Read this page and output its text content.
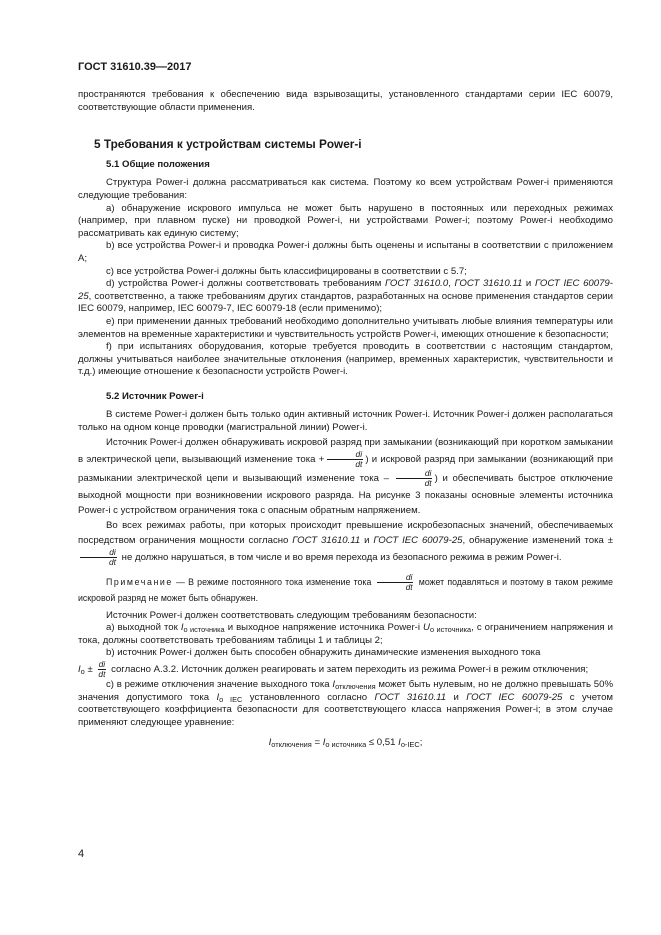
ГОСТ 31610.39—2017

пространяются требования к обеспечению вида взрывозащиты, установленного стандартами серии IEC 60079, соответствующие области применения.

5 Требования к устройствам системы Power-i

5.1 Общие положения

Структура Power-i должна рассматриваться как система. Поэтому ко всем устройствам Power-i применяются следующие требования:

а) обнаружение искрового импульса не может быть нарушено в постоянных или переходных режимах (например, при плавном пуске) ни проводкой Power-i, ни устройствами Power-i; поэтому Power-i необходимо рассматривать как единую систему;

b) все устройства Power-i и проводка Power-i должны быть оценены и испытаны в соответствии с приложением А;

c) все устройства Power-i должны быть классифицированы в соответствии с 5.7;

d) устройства Power-i должны соответствовать требованиям ГОСТ 31610.0, ГОСТ 31610.11 и ГОСТ IEC 60079-25, соответственно, а также требованиям других стандартов, разработанных на основе применения стандартов серии IEC 60079, например, IEC 60079-7, IEC 60079-18 (если применимо);

e) при применении данных требований необходимо дополнительно учитывать любые влияния температуры или элементов на временные характеристики и чувствительность устройств Power-i, имеющих отношение к безопасности;

f) при испытаниях оборудования, которые требуется проводить в соответствии с настоящим стандартом, должны учитываться наиболее значительные отклонения (например, временных характеристик, чувствительности и т.д.) имеющие отношение к безопасности устройств Power-i.

5.2 Источник Power-i

В системе Power-i должен быть только один активный источник Power-i. Источник Power-i должен располагаться только на одном конце проводки (магистральной линии) Power-i.

Источник Power-i должен обнаруживать искровой разряд при замыкании (возникающий при коротком замыкании в электрической цепи, вызывающий изменение тока + $\frac{di}{dt}$ ) и искровой разряд при замыкании (возникающий при размыкании электрической цепи и вызывающий изменение тока – $\frac{di}{dt}$ ) и обеспечивать быстрое отключение выходной мощности при возникновении искрового разряда. На рисунке 3 показаны основные элементы источника Power-i с устройством ограничения тока с опасным обратным напряжением.

Во всех режимах работы, при которых происходит превышение искробезопасных значений, обеспечиваемых посредством ограничения мощности согласно ГОСТ 31610.11 и ГОСТ IEC 60079-25, обнаружение изменений тока ±
$\frac{di}{dt}$ не должно нарушаться, в том числе и во время перехода из безопасного режима в режим Power-i.

Примечание — В режиме постоянного тока изменение тока $\frac{di}{dt}$ может подавляться и поэтому в таком режиме искровой разряд не может быть обнаружен.

Источник Power-i должен соответствовать следующим требованиям безопасности:

а) выходной ток $I_{о источника}$ и выходное напряжение источника Power-i $U_{о источника}$, с ограничением напряжения и тока, должны соответствовать требованиям таблицы 1 и таблицы 2;

b) источник Power-i должен быть способен обнаружить динамические изменения выходного тока

$I_о \pm \frac{di}{dt}$ согласно А.3.2. Источник должен реагировать и затем переходить из режима Power-i в режим отключения;

c) в режиме отключения значение выходного тока $I_{отключения}$ может быть нулевым, но не должно превышать 50% значения допустимого тока $I_{о IEC}$ установленного согласно ГОСТ 31610.11 и ГОСТ IEC 60079-25 с учетом соответствующего коэффициента безопасности для соответствующего класса напряжения Power-i; в этом случае применяют следующее уравнение:

$I_{отключения} = I_{о источника} \le 0,51$ $I_{о-IEC}$;

4
